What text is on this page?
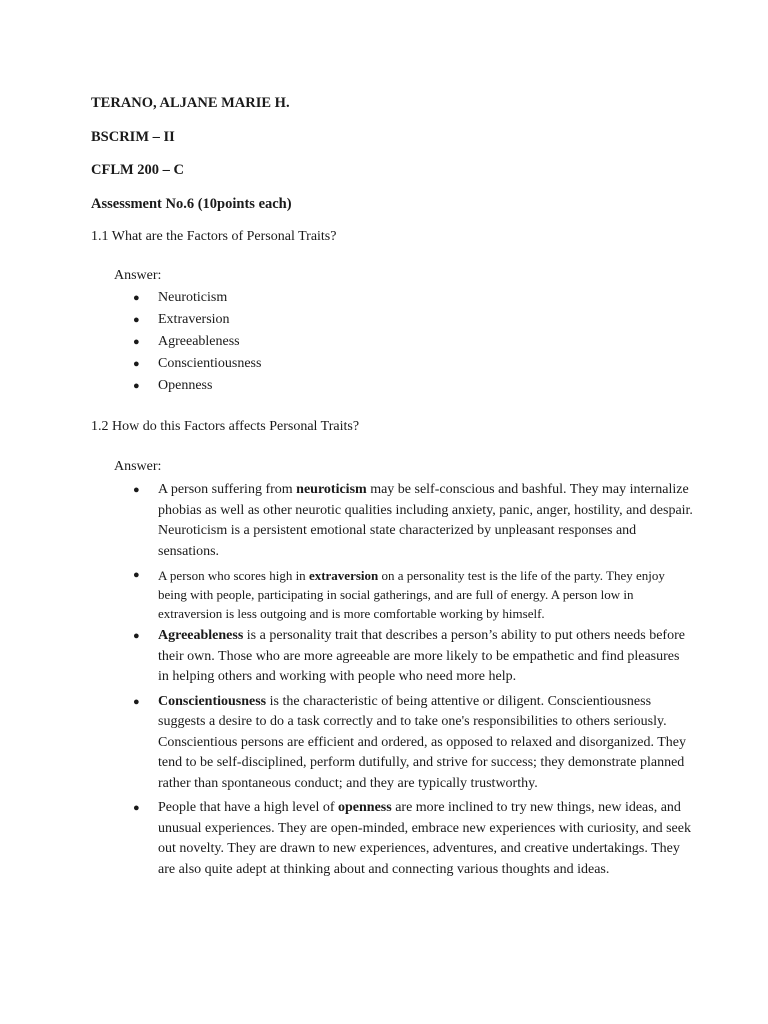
TERANO, ALJANE MARIE H.

BSCRIM – II

CFLM 200 – C

Assessment No.6 (10points each)

1.1 What are the Factors of Personal Traits?

Answer:

● Neuroticism
● Extraversion
● Agreeableness
● Conscientiousness
● Openness

1.2 How do this Factors affects Personal Traits?

Answer:

● A person suffering from neuroticism may be self-conscious and bashful. They may internalize phobias as well as other neurotic qualities including anxiety, panic, anger, hostility, and despair. Neuroticism is a persistent emotional state characterized by unpleasant responses and sensations.
● A person who scores high in extraversion on a personality test is the life of the party. They enjoy being with people, participating in social gatherings, and are full of energy. A person low in extraversion is less outgoing and is more comfortable working by himself.
● Agreeableness is a personality trait that describes a person’s ability to put others needs before their own. Those who are more agreeable are more likely to be empathetic and find pleasures in helping others and working with people who need more help.
● Conscientiousness is the characteristic of being attentive or diligent. Conscientiousness suggests a desire to do a task correctly and to take one's responsibilities to others seriously. Conscientious persons are efficient and ordered, as opposed to relaxed and disorganized. They tend to be self-disciplined, perform dutifully, and strive for success; they demonstrate planned rather than spontaneous conduct; and they are typically trustworthy.
● People that have a high level of openness are more inclined to try new things, new ideas, and unusual experiences. They are open-minded, embrace new experiences with curiosity, and seek out novelty. They are drawn to new experiences, adventures, and creative undertakings. They are also quite adept at thinking about and connecting various thoughts and ideas.
